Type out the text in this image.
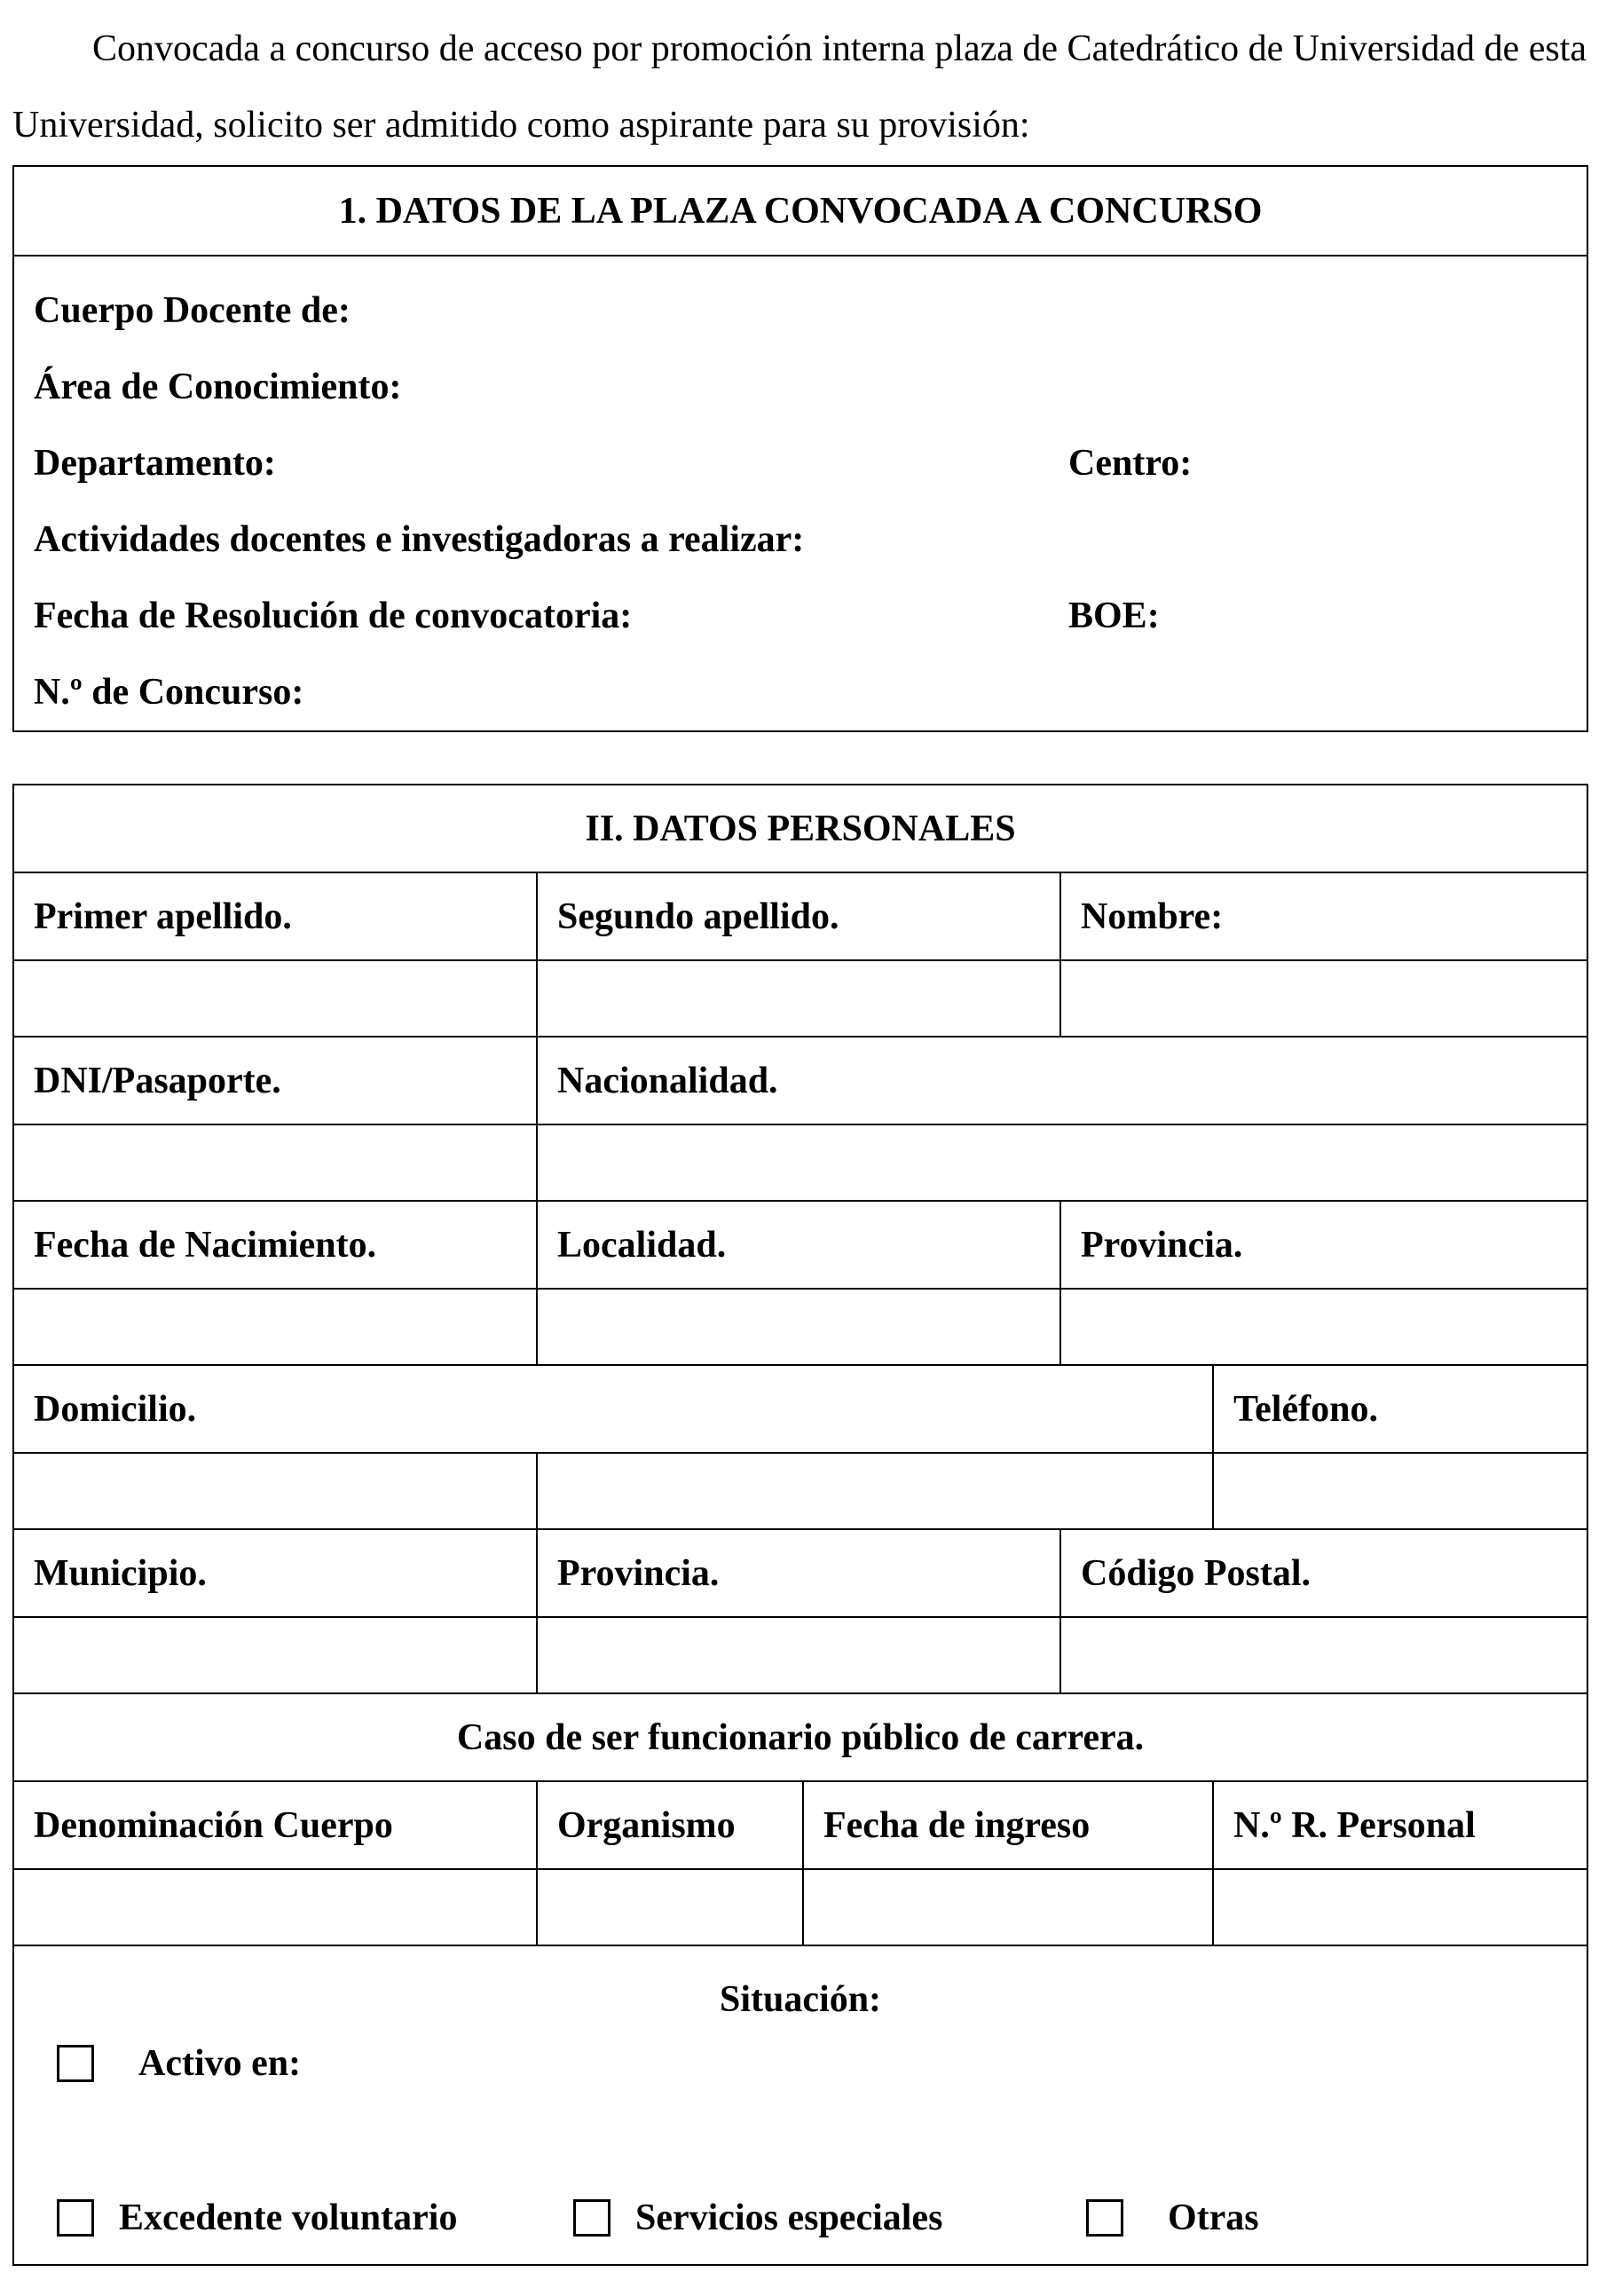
Convocada a concurso de acceso por promoción interna plaza de Catedrático de Universidad de esta Universidad, solicito ser admitido como aspirante para su provisión:

1. DATOS DE LA PLAZA CONVOCADA A CONCURSO

Cuerpo Docente de:
Área de Conocimiento:
Departamento:	Centro:
Actividades docentes e investigadoras a realizar:
Fecha de Resolución de convocatoria:	BOE:
N.º de Concurso:
II. DATOS PERSONALES				
Primer apellido.	Segundo apellido.		Nombre:	

DNI/Pasaporte.	Nacionalidad.			

Fecha de Nacimiento.	Localidad.		Provincia.	

Domicilio.				Teléfono.

Municipio.	Provincia.		Código Postal.	

Caso de ser funcionario público de carrera.				
Denominación Cuerpo	Organismo	Fecha de ingreso		N.º R. Personal

Situación:
Activo en:
Excedente voluntario Servicios especiales Otras				
